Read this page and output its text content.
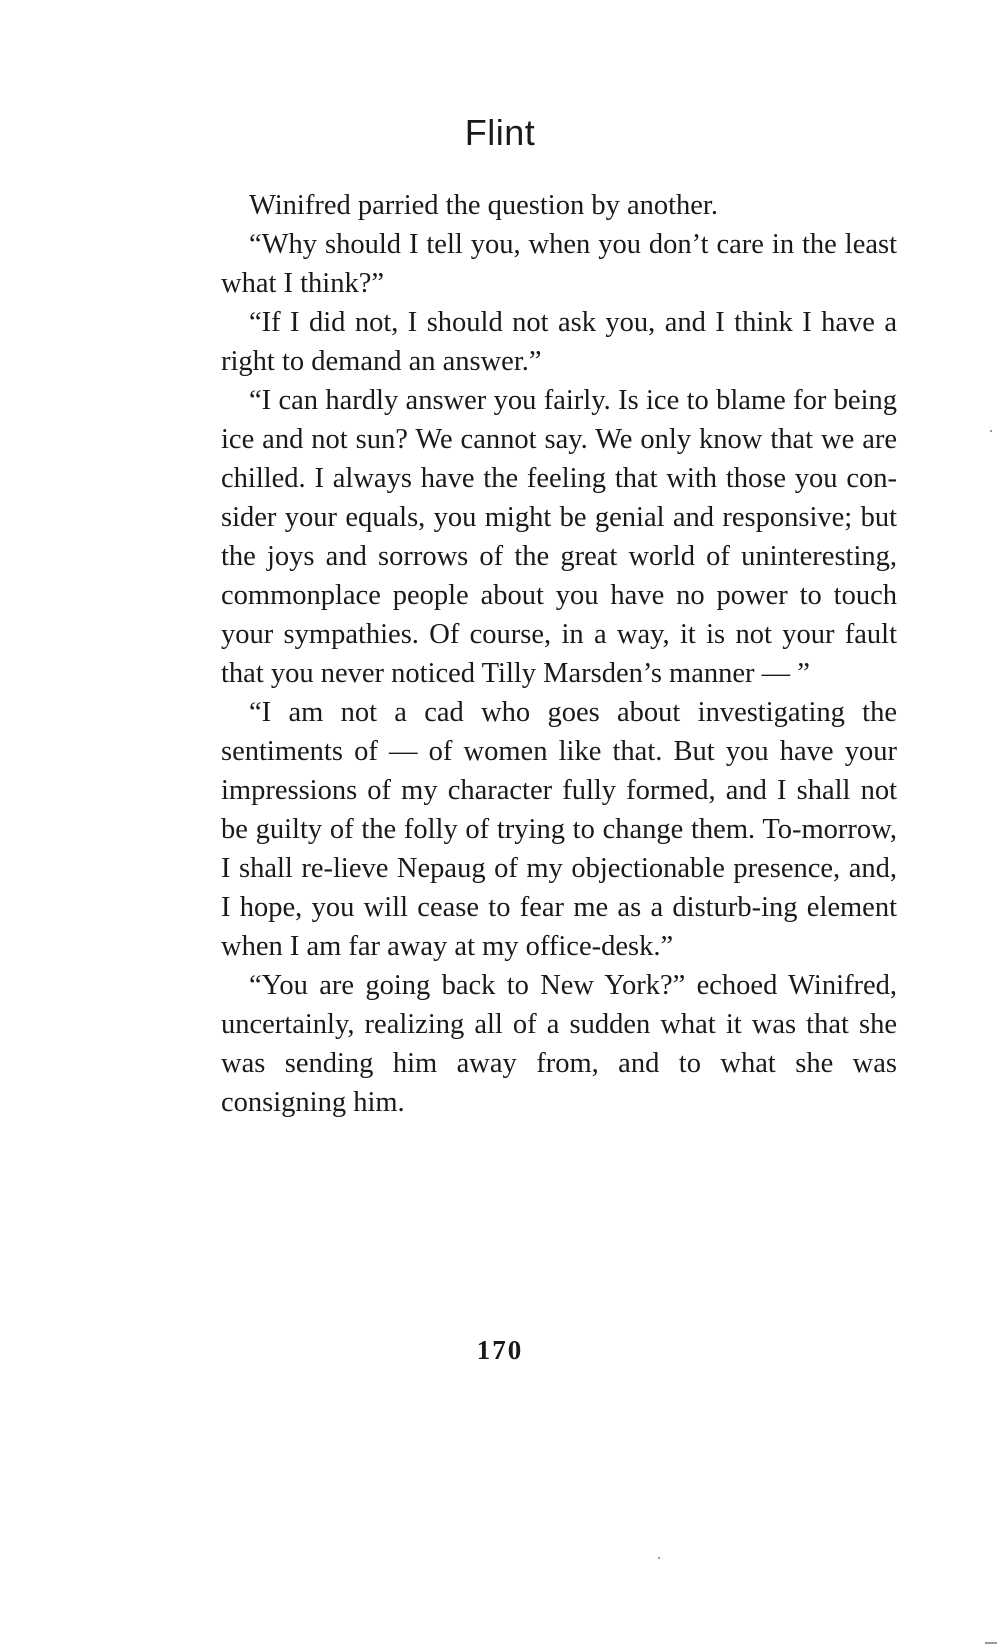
Flint

Winifred parried the question by another.

“Why should I tell you, when you don’t care in the least what I think?”

“If I did not, I should not ask you, and I think I have a right to demand an answer.”

“I can hardly answer you fairly. Is ice to blame for being ice and not sun? We cannot say. We only know that we are chilled. I always have the feeling that with those you con-sider your equals, you might be genial and responsive; but the joys and sorrows of the great world of uninteresting, commonplace people about you have no power to touch your sympathies. Of course, in a way, it is not your fault that you never noticed Tilly Marsden’s manner — ”

“I am not a cad who goes about investigating the sentiments of — of women like that. But you have your impressions of my character fully formed, and I shall not be guilty of the folly of trying to change them. To-morrow, I shall re-lieve Nepaug of my objectionable presence, and, I hope, you will cease to fear me as a disturb-ing element when I am far away at my office-desk.”

“You are going back to New York?” echoed Winifred, uncertainly, realizing all of a sudden what it was that she was sending him away from, and to what she was consigning him.

170
